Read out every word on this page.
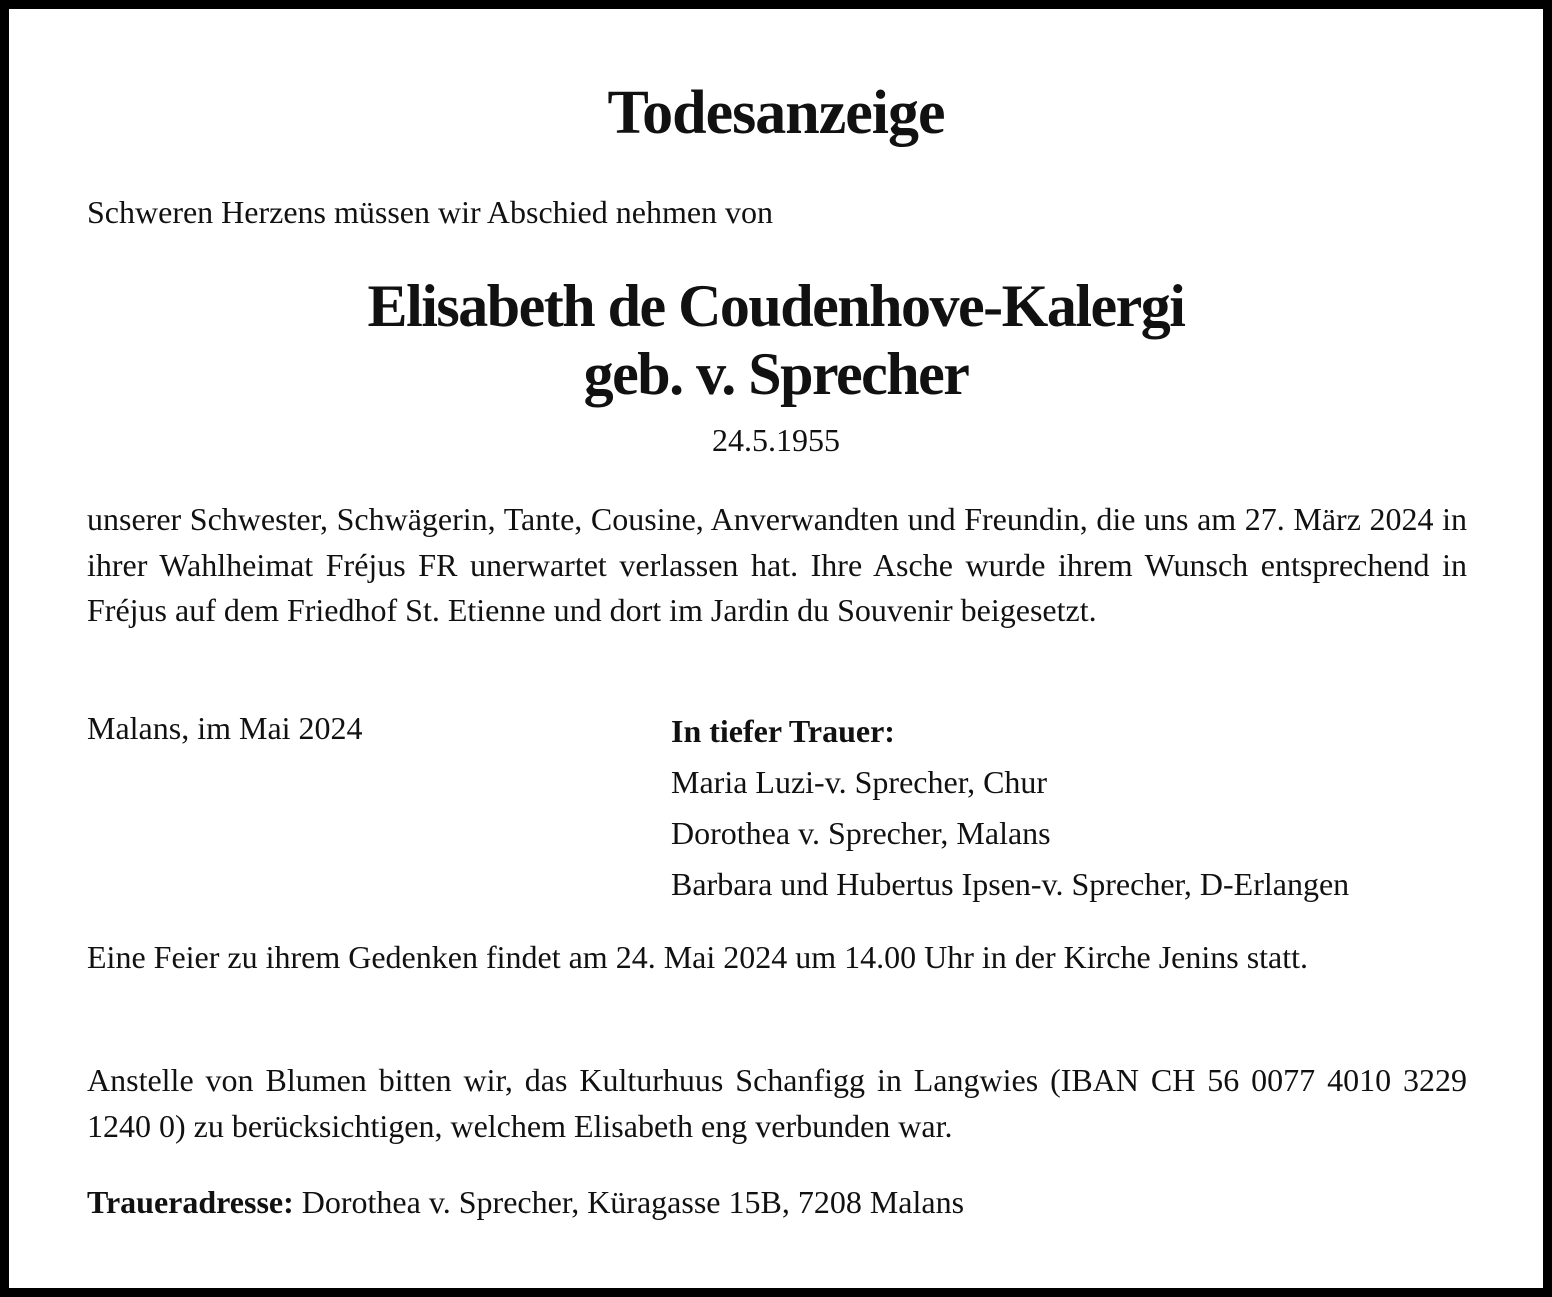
Todesanzeige
Schweren Herzens müssen wir Abschied nehmen von
Elisabeth de Coudenhove-Kalergi
geb. v. Sprecher
24.5.1955
unserer Schwester, Schwägerin, Tante, Cousine, Anverwandten und Freundin, die uns am 27. März 2024 in ihrer Wahlheimat Fréjus FR unerwartet verlassen hat. Ihre Asche wurde ihrem Wunsch entsprechend in Fréjus auf dem Friedhof St. Etienne und dort im Jardin du Souvenir beigesetzt.
Malans, im Mai 2024	In tiefer Trauer:
Maria Luzi-v. Sprecher, Chur
Dorothea v. Sprecher, Malans
Barbara und Hubertus Ipsen-v. Sprecher, D-Erlangen
Eine Feier zu ihrem Gedenken findet am 24. Mai 2024 um 14.00 Uhr in der Kirche Jenins statt.
Anstelle von Blumen bitten wir, das Kulturhuus Schanfigg in Langwies (IBAN CH 56 0077 4010 3229 1240 0) zu berücksichtigen, welchem Elisabeth eng verbunden war.
Traueradresse: Dorothea v. Sprecher, Küragasse 15B, 7208 Malans
